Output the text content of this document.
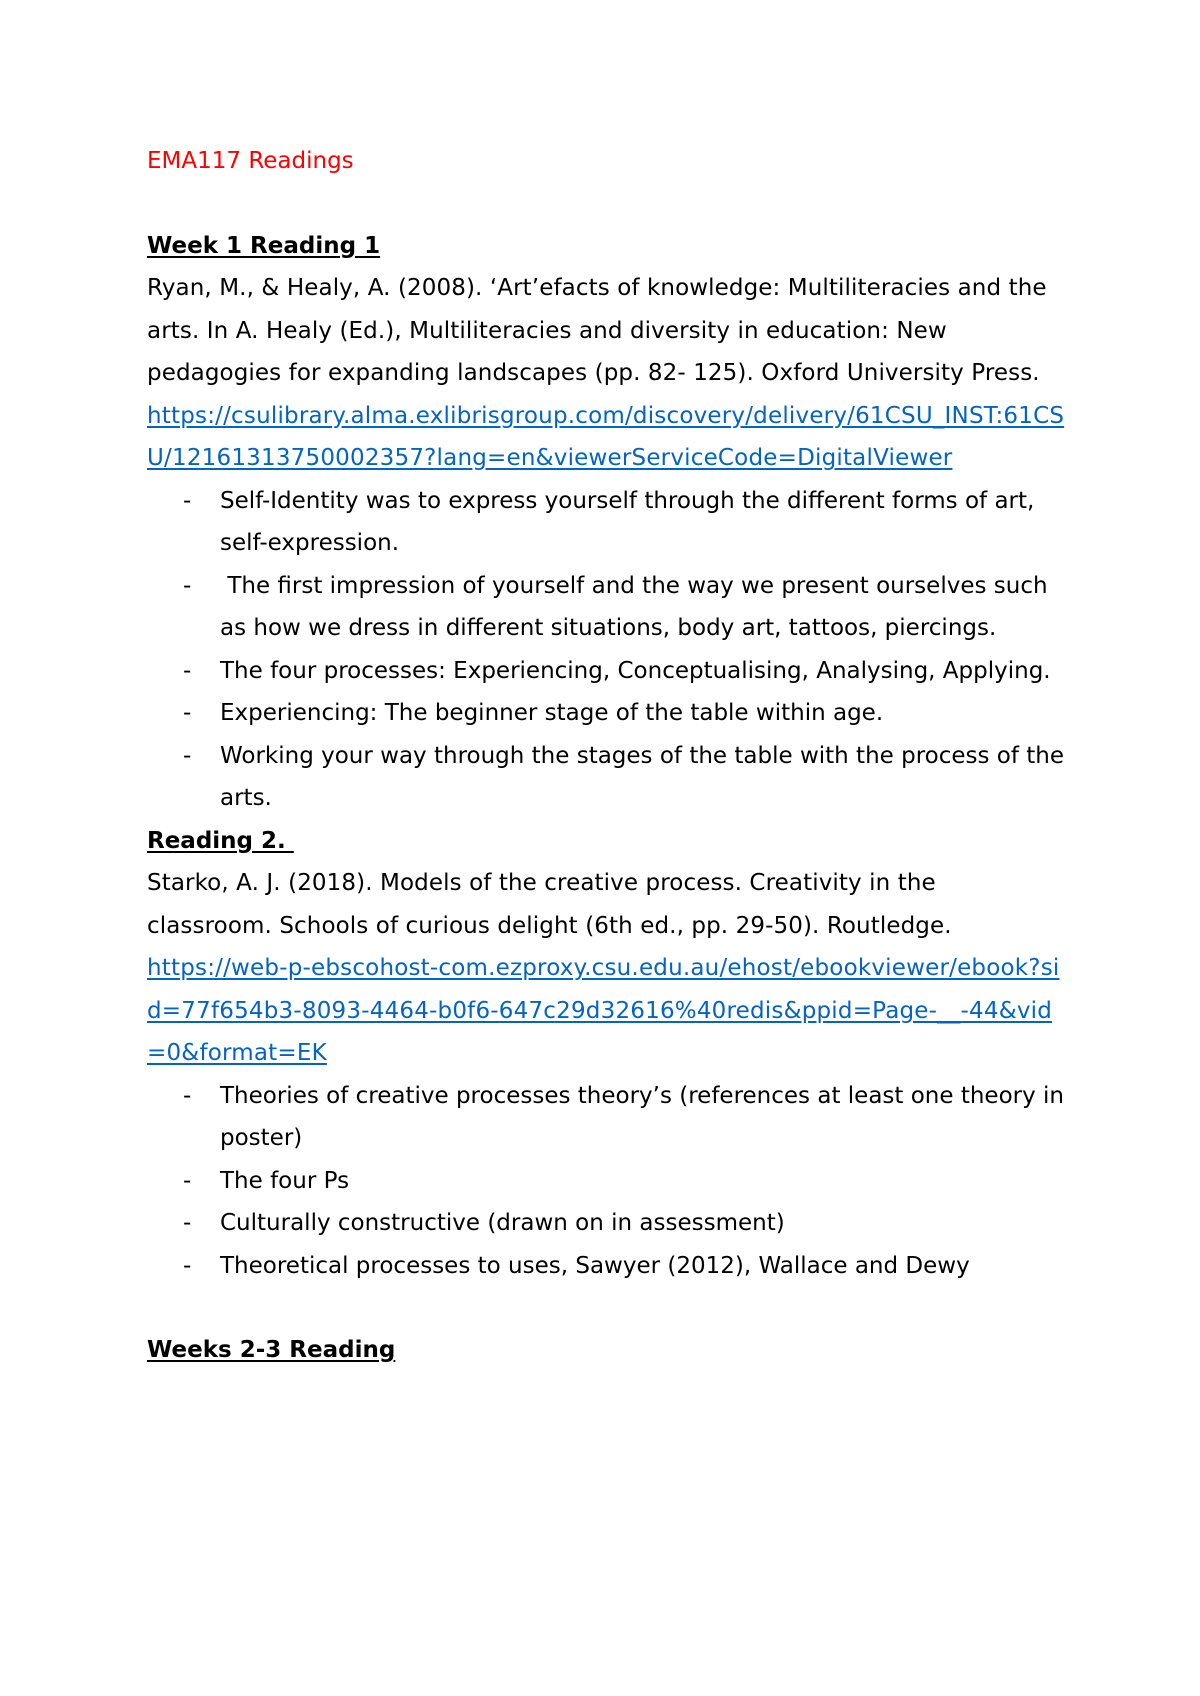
EMA117 Readings

Week 1 Reading 1

Ryan, M., & Healy, A. (2008). ‘Art’efacts of knowledge: Multiliteracies and the arts. In A. Healy (Ed.), Multiliteracies and diversity in education: New pedagogies for expanding landscapes (pp. 82- 125). Oxford University Press.

https://csulibrary.alma.exlibrisgroup.com/discovery/delivery/61CSU_INST:61CSU/12161313750002357?lang=en&viewerServiceCode=DigitalViewer
- Self-Identity was to express yourself through the different forms of art, self-expression.
- The first impression of yourself and the way we present ourselves such as how we dress in different situations, body art, tattoos, piercings.
- The four processes: Experiencing, Conceptualising, Analysing, Applying.
- Experiencing: The beginner stage of the table within age.
- Working your way through the stages of the table with the process of the arts.

Reading 2.

Starko, A. J. (2018). Models of the creative process. Creativity in the classroom. Schools of curious delight (6th ed., pp. 29-50). Routledge.

https://web-p-ebscohost-com.ezproxy.csu.edu.au/ehost/ebookviewer/ebook?sid=77f654b3-8093-4464-b0f6-647c29d32616%40redis&ppid=Page-__-44&vid=0&format=EK
- Theories of creative processes theory’s (references at least one theory in poster)
- The four Ps
- Culturally constructive (drawn on in assessment)
- Theoretical processes to uses, Sawyer (2012), Wallace and Dewy

Weeks 2-3 Reading
